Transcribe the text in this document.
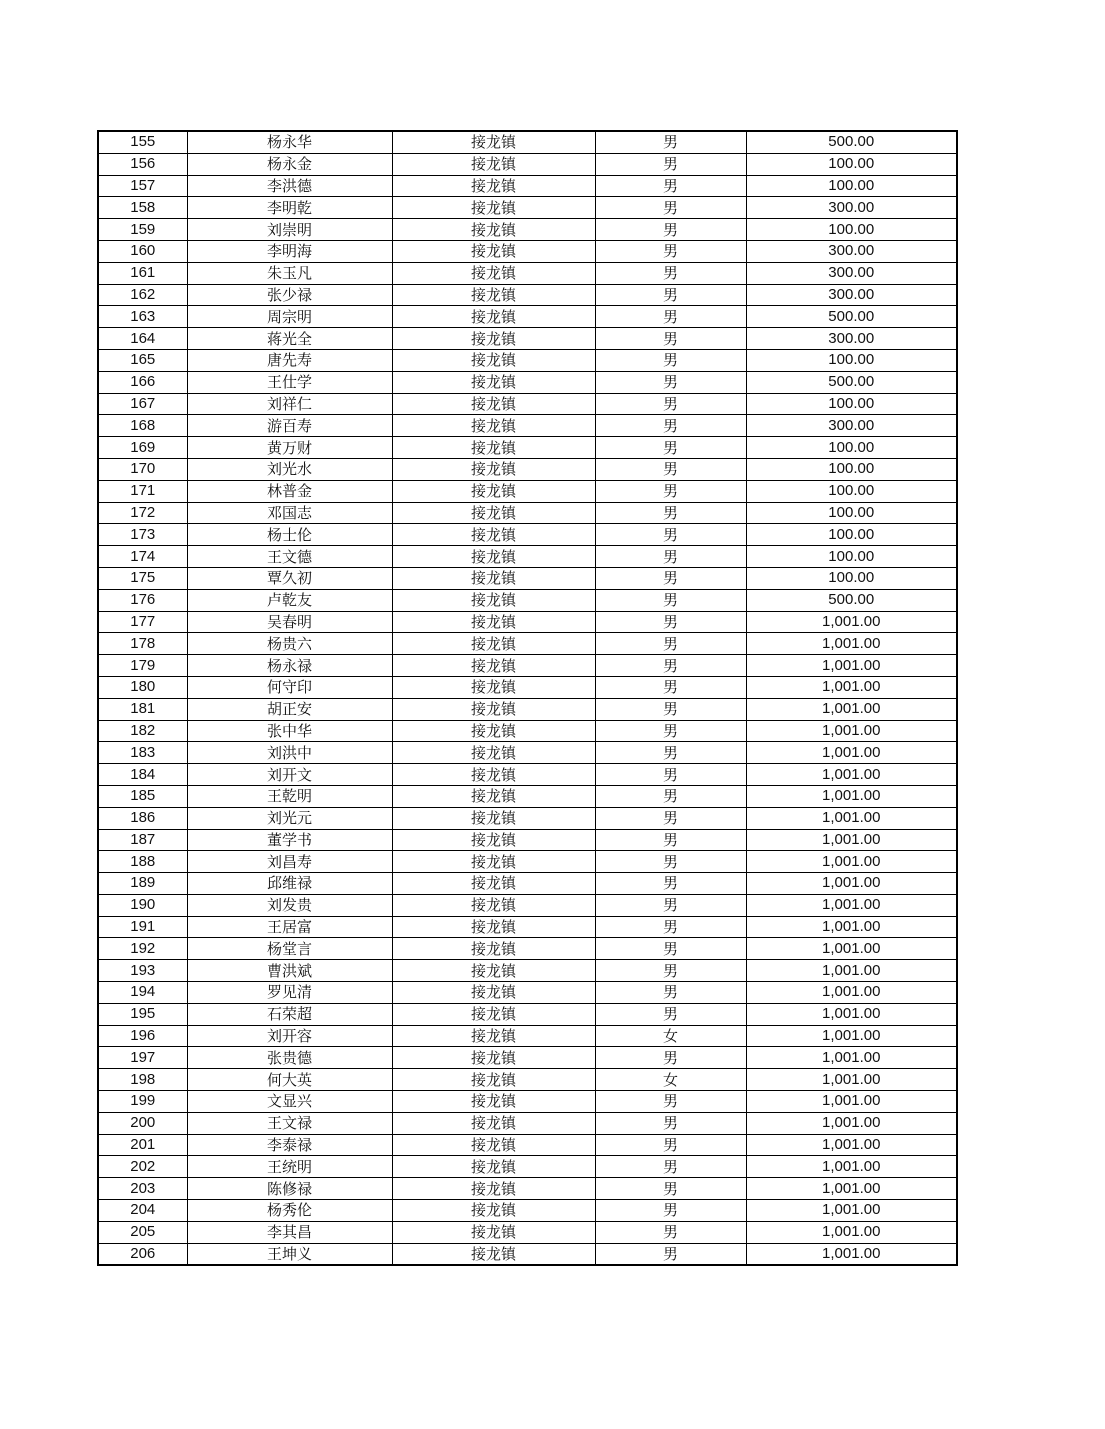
155	杨永华	接龙镇	男	500.00
156	杨永金	接龙镇	男	100.00
157	李洪德	接龙镇	男	100.00
158	李明乾	接龙镇	男	300.00
159	刘崇明	接龙镇	男	100.00
160	李明海	接龙镇	男	300.00
161	朱玉凡	接龙镇	男	300.00
162	张少禄	接龙镇	男	300.00
163	周宗明	接龙镇	男	500.00
164	蒋光全	接龙镇	男	300.00
165	唐先寿	接龙镇	男	100.00
166	王仕学	接龙镇	男	500.00
167	刘祥仁	接龙镇	男	100.00
168	游百寿	接龙镇	男	300.00
169	黄万财	接龙镇	男	100.00
170	刘光水	接龙镇	男	100.00
171	林普金	接龙镇	男	100.00
172	邓国志	接龙镇	男	100.00
173	杨士伦	接龙镇	男	100.00
174	王文德	接龙镇	男	100.00
175	覃久初	接龙镇	男	100.00
176	卢乾友	接龙镇	男	500.00
177	吴春明	接龙镇	男	1,001.00
178	杨贵六	接龙镇	男	1,001.00
179	杨永禄	接龙镇	男	1,001.00
180	何守印	接龙镇	男	1,001.00
181	胡正安	接龙镇	男	1,001.00
182	张中华	接龙镇	男	1,001.00
183	刘洪中	接龙镇	男	1,001.00
184	刘开文	接龙镇	男	1,001.00
185	王乾明	接龙镇	男	1,001.00
186	刘光元	接龙镇	男	1,001.00
187	董学书	接龙镇	男	1,001.00
188	刘昌寿	接龙镇	男	1,001.00
189	邱维禄	接龙镇	男	1,001.00
190	刘发贵	接龙镇	男	1,001.00
191	王居富	接龙镇	男	1,001.00
192	杨堂言	接龙镇	男	1,001.00
193	曹洪斌	接龙镇	男	1,001.00
194	罗见清	接龙镇	男	1,001.00
195	石荣超	接龙镇	男	1,001.00
196	刘开容	接龙镇	女	1,001.00
197	张贵德	接龙镇	男	1,001.00
198	何大英	接龙镇	女	1,001.00
199	文显兴	接龙镇	男	1,001.00
200	王文禄	接龙镇	男	1,001.00
201	李泰禄	接龙镇	男	1,001.00
202	王统明	接龙镇	男	1,001.00
203	陈修禄	接龙镇	男	1,001.00
204	杨秀伦	接龙镇	男	1,001.00
205	李其昌	接龙镇	男	1,001.00
206	王坤义	接龙镇	男	1,001.00
